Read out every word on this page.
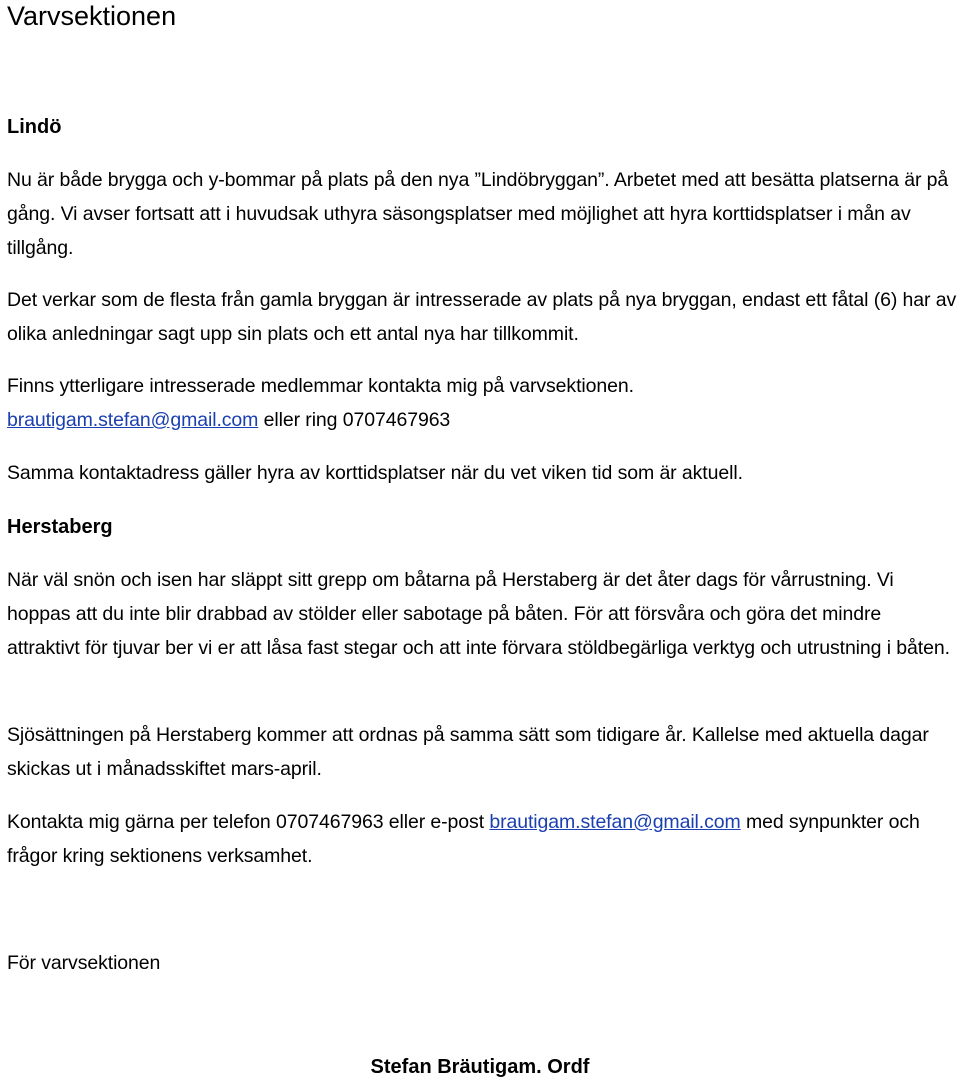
Varvsektionen
Lindö

Nu är både brygga och y-bommar på plats på den nya ”Lindöbryggan”. Arbetet med att besätta platserna är på gång. Vi avser fortsatt att i huvudsak uthyra säsongsplatser med möjlighet att hyra korttidsplatser i mån av tillgång.

Det verkar som de flesta från gamla bryggan är intresserade av plats på nya bryggan, endast ett fåtal (6) har av olika anledningar sagt upp sin plats och ett antal nya har tillkommit.

Finns ytterligare intresserade medlemmar kontakta mig på varvsektionen.
brautigam.stefan@gmail.com eller ring 0707467963

Samma kontaktadress gäller hyra av korttidsplatser när du vet viken tid som är aktuell.

Herstaberg

När väl snön och isen har släppt sitt grepp om båtarna på Herstaberg är det åter dags för vårrustning. Vi hoppas att du inte blir drabbad av stölder eller sabotage på båten. För att försvåra och göra det mindre attraktivt för tjuvar ber vi er att låsa fast stegar och att inte förvara stöldbegärliga verktyg och utrustning i båten.

Sjösättningen på Herstaberg kommer att ordnas på samma sätt som tidigare år. Kallelse med aktuella dagar skickas ut i månadsskiftet mars-april.

Kontakta mig gärna per telefon 0707467963 eller e-post brautigam.stefan@gmail.com med synpunkter och frågor kring sektionens verksamhet.

För varvsektionen

Stefan Bräutigam. Ordf
